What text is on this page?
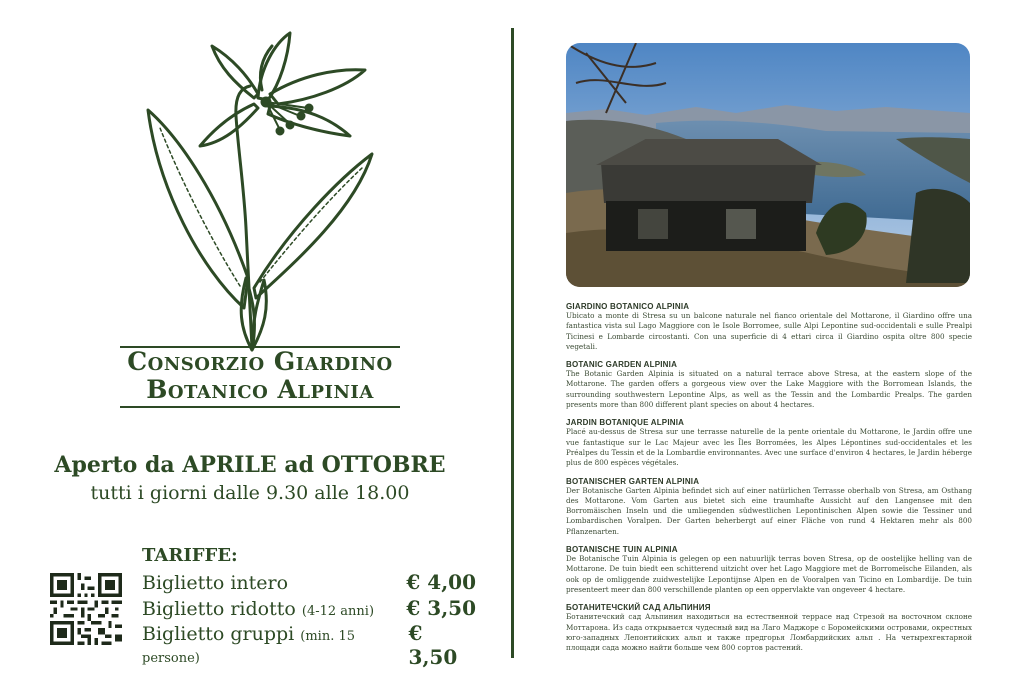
Consorzio Giardino
Botanico Alpinia
Aperto da APRILE ad OTTOBRE
tutti i giorni dalle 9.30 alle 18.00
TARIFFE:
Biglietto intero	€ 4,00
Biglietto ridotto (4-12 anni) € 3,50
Biglietto gruppi (min. 15 persone)
€ 3,50
GIARDINO BOTANICO ALPINIA

Ubicato a monte di Stresa su un balcone naturale nel fianco orientale del Mottarone, il Giardino offre una fantastica vista sul Lago Maggiore con le Isole Borromee, sulle Alpi Lepontine sud-occidentali e sulle Prealpi Ticinesi e Lombarde circostanti. Con una superficie di 4 ettari circa il Giardino ospita oltre 800 specie vegetali.

BOTANIC GARDEN ALPINIA

The Botanic Garden Alpinia is situated on a natural terrace above Stresa, at the eastern slope of the Mottarone. The garden offers a gorgeous view over the Lake Maggiore with the Borromean Islands, the surrounding southwestern Lepontine Alps, as well as the Tessin and the Lombardic Prealps. The garden presents more than 800 different plant species on about 4 hectares.

JARDIN BOTANIQUE ALPINIA

Placé au-dessus de Stresa sur une terrasse naturelle de la pente orientale du Mottarone, le Jardin offre une vue fantastique sur le Lac Majeur avec les Îles Borromées, les Alpes Lépontines sud-occidentales et les Préalpes du Tessin et de la Lombardie environnantes. Avec une surface d'environ 4 hectares, le Jardin héberge plus de 800 espèces végétales.

BOTANISCHER GARTEN ALPINIA

Der Botanische Garten Alpinia befindet sich auf einer natürlichen Terrasse oberhalb von Stresa, am Osthang des Mottarone. Vom Garten aus bietet sich eine traumhafte Aussicht auf den Langensee mit den Borromäischen Inseln und die umliegenden südwestlichen Lepontinischen Alpen sowie die Tessiner und Lombardischen Voralpen. Der Garten beherbergt auf einer Fläche von rund 4 Hektaren mehr als 800 Pflanzenarten.

BOTANISCHE TUIN ALPINIA

De Botanische Tuin Alpinia is gelegen op een natuurlijk terras boven Stresa, op de oostelijke helling van de Mottarone. De tuin biedt een schitterend uitzicht over het Lago Maggiore met de Borromeïsche Eilanden, als ook op de omliggende zuidwestelijke Lepontijnse Alpen en de Vooralpen van Ticino en Lombardije. De tuin presenteert meer dan 800 verschillende planten op een oppervlakte van ongeveer 4 hectare.

БОТАНИТЕЧСКИЙ САД АЛЬПИНИЯ

Ботанитечский сад Альпиния находиться на естественной террасе над Стрезой на восточном склоне Моттарона. Из сада открывается чудесный вид на Лаго Маджоре с Боромейскими островами, окрестных юго-западных Лепонтийских альп и также предгорья Ломбардийских альп . На четырехгектарной площади сада можно найти больше чем 800 сортов растений.
